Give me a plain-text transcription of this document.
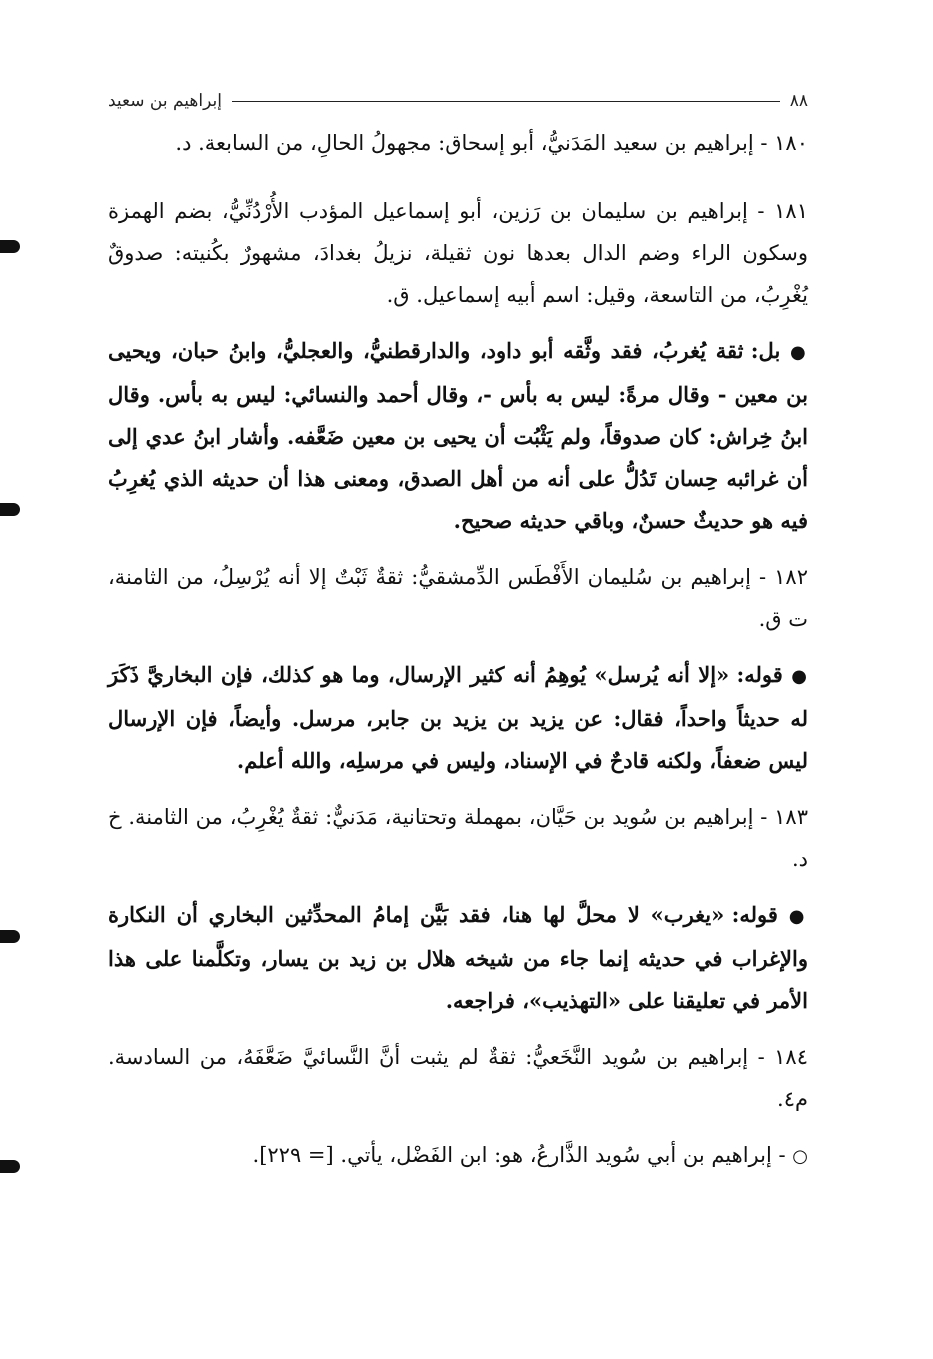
٨٨
إبراهيم بن سعيد

١٨٠ - إبراهيم بن سعيد المَدَنيُّ، أبو إسحاق: مجهولُ الحالِ، من السابعة. د.

١٨١ - إبراهيم بن سليمان بن رَزين، أبو إسماعيل المؤدب الأُرْدُنِّيُّ، بضم الهمزة وسكون الراء وضم الدال بعدها نون ثقيلة، نزيلُ بغدادَ، مشهورٌ بكُنيته: صدوقٌ يُغْرِبُ، من التاسعة، وقيل: اسم أبيه إسماعيل. ق.

● بل: ثقة يُغربُ، فقد وثَّقه أبو داود، والدارقطنيُّ، والعجليُّ، وابنُ حبان، ويحيى بن معين - وقال مرةً: ليس به بأس -، وقال أحمد والنسائي: ليس به بأس. وقال ابنُ خِراش: كان صدوقاً، ولم يَثْبُت أن يحيى بن معين ضَعَّفه. وأشار ابنُ عدي إلى أن غرائبه حِسان تَدُلُّ على أنه من أهل الصدق، ومعنى هذا أن حديثه الذي يُغرِبُ فيه هو حديثٌ حسنٌ، وباقي حديثه صحيح.

١٨٢ - إبراهيم بن سُليمان الأَفْطَس الدِّمشقيُّ: ثقةٌ ثَبْتٌ إلا أنه يُرْسِلُ، من الثامنة، ت ق.

● قوله: «إلا أنه يُرسل» يُوهِمُ أنه كثير الإرسال، وما هو كذلك، فإن البخاريَّ ذَكَرَ له حديثاً واحداً، فقال: عن يزيد بن يزيد بن جابر، مرسل. وأيضاً، فإن الإرسال ليس ضعفاً، ولكنه قادحٌ في الإسناد، وليس في مرسلِه، والله أعلم.

١٨٣ - إبراهيم بن سُويد بن حَيَّان، بمهملة وتحتانية، مَدَنيٌّ: ثقةٌ يُغْرِبُ، من الثامنة. خ د.

● قوله: «يغرب» لا محلَّ لها هنا، فقد بَيَّن إمامُ المحدِّثين البخاري أن النكارة والإغراب في حديثه إنما جاء من شيخه هلال بن زيد بن يسار، وتكلَّمنا على هذا الأمر في تعليقنا على «التهذيب»، فراجعه.

١٨٤ - إبراهيم بن سُويد النَّخَعيُّ: ثقةٌ لم يثبت أنَّ النَّسائيَّ ضَعَّفَهُ، من السادسة. م٤.

○ - إبراهيم بن أبي سُويد الذَّارعُ، هو: ابن الفَضْل، يأتي. [= ٢٢٩].
